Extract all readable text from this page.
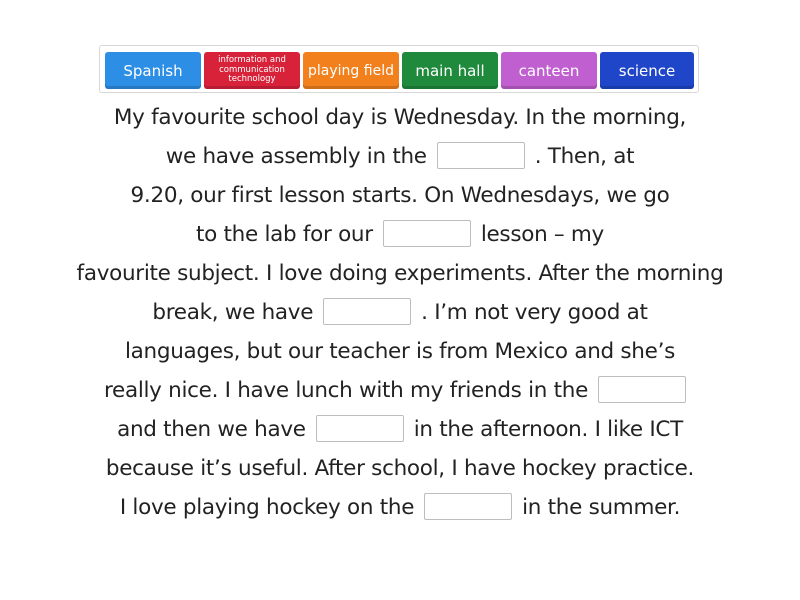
Spanish
information and communication technology
playing field	main hall	canteen	science
My favourite school day is Wednesday. In the morning,
we have assembly in the	. Then, at
9.20, our first lesson starts. On Wednesdays, we go
to the lab for our	lesson – my
favourite subject. I love doing experiments. After the morning
break, we have	. I’m not very good at
languages, but our teacher is from Mexico and she’s
really nice. I have lunch with my friends in the
and then we have	in the afternoon. I like ICT
because it’s useful. After school, I have hockey practice.
I love playing hockey on the	in the summer.
